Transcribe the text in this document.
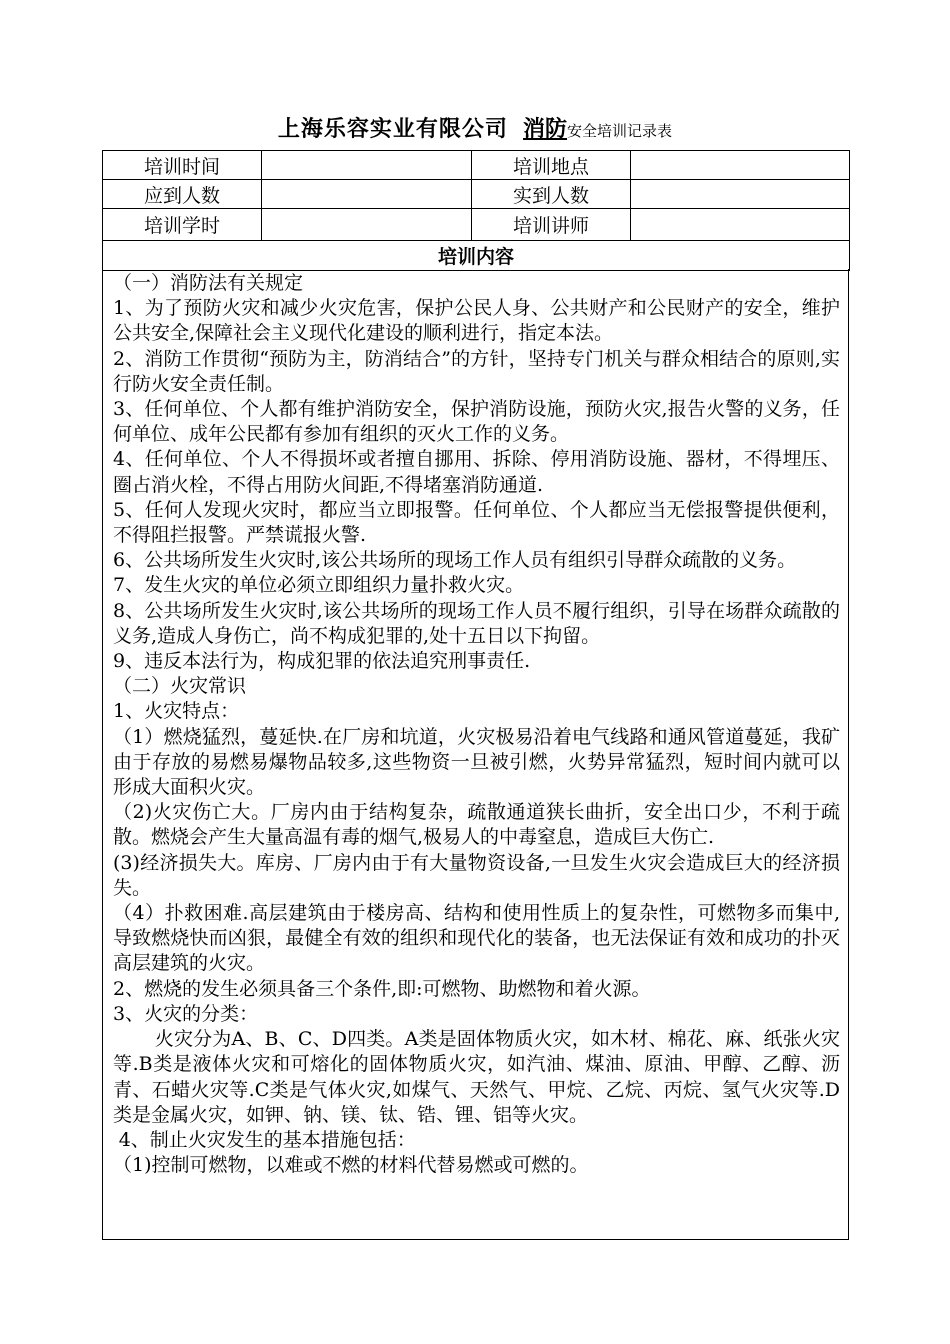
上海乐容实业有限公司 消防安全培训记录表
培训时间		培训地点	
应到人数		实到人数	
培训学时		培训讲师	
培训内容			

（一）消防法有关规定

1、为了预防火灾和减少火灾危害，保护公民人身、公共财产和公民财产的安全，维护公共安全,保障社会主义现代化建设的顺利进行，指定本法。

2、消防工作贯彻“预防为主，防消结合”的方针，坚持专门机关与群众相结合的原则,实行防火安全责任制。

3、任何单位、个人都有维护消防安全，保护消防设施，预防火灾,报告火警的义务，任何单位、成年公民都有参加有组织的灭火工作的义务。

4、任何单位、个人不得损坏或者擅自挪用、拆除、停用消防设施、器材，不得埋压、圈占消火栓，不得占用防火间距,不得堵塞消防通道.

5、任何人发现火灾时，都应当立即报警。任何单位、个人都应当无偿报警提供便利，不得阻拦报警。严禁谎报火警.

6、公共场所发生火灾时,该公共场所的现场工作人员有组织引导群众疏散的义务。

7、发生火灾的单位必须立即组织力量扑救火灾。

8、公共场所发生火灾时,该公共场所的现场工作人员不履行组织，引导在场群众疏散的义务,造成人身伤亡，尚不构成犯罪的,处十五日以下拘留。

9、违反本法行为，构成犯罪的依法追究刑事责任.

（二）火灾常识

1、火灾特点：

（1）燃烧猛烈，蔓延快.在厂房和坑道，火灾极易沿着电气线路和通风管道蔓延，我矿由于存放的易燃易爆物品较多,这些物资一旦被引燃，火势异常猛烈，短时间内就可以形成大面积火灾。

（2)火灾伤亡大。厂房内由于结构复杂，疏散通道狭长曲折，安全出口少，不利于疏散。燃烧会产生大量高温有毒的烟气,极易人的中毒窒息，造成巨大伤亡.

(3)经济损失大。库房、厂房内由于有大量物资设备,一旦发生火灾会造成巨大的经济损失。

（4）扑救困难.高层建筑由于楼房高、结构和使用性质上的复杂性，可燃物多而集中,导致燃烧快而凶狠，最健全有效的组织和现代化的装备，也无法保证有效和成功的扑灭高层建筑的火灾。

2、燃烧的发生必须具备三个条件,即:可燃物、助燃物和着火源。

3、火灾的分类：

火灾分为A、B、C、D四类。A类是固体物质火灾，如木材、棉花、麻、纸张火灾等.B类是液体火灾和可熔化的固体物质火灾，如汽油、煤油、原油、甲醇、乙醇、沥青、石蜡火灾等.C类是气体火灾,如煤气、天然气、甲烷、乙烷、丙烷、氢气火灾等.D类是金属火灾，如钾、钠、镁、钛、锆、锂、铝等火灾。

4、制止火灾发生的基本措施包括：

（1)控制可燃物，以难或不燃的材料代替易燃或可燃的。
